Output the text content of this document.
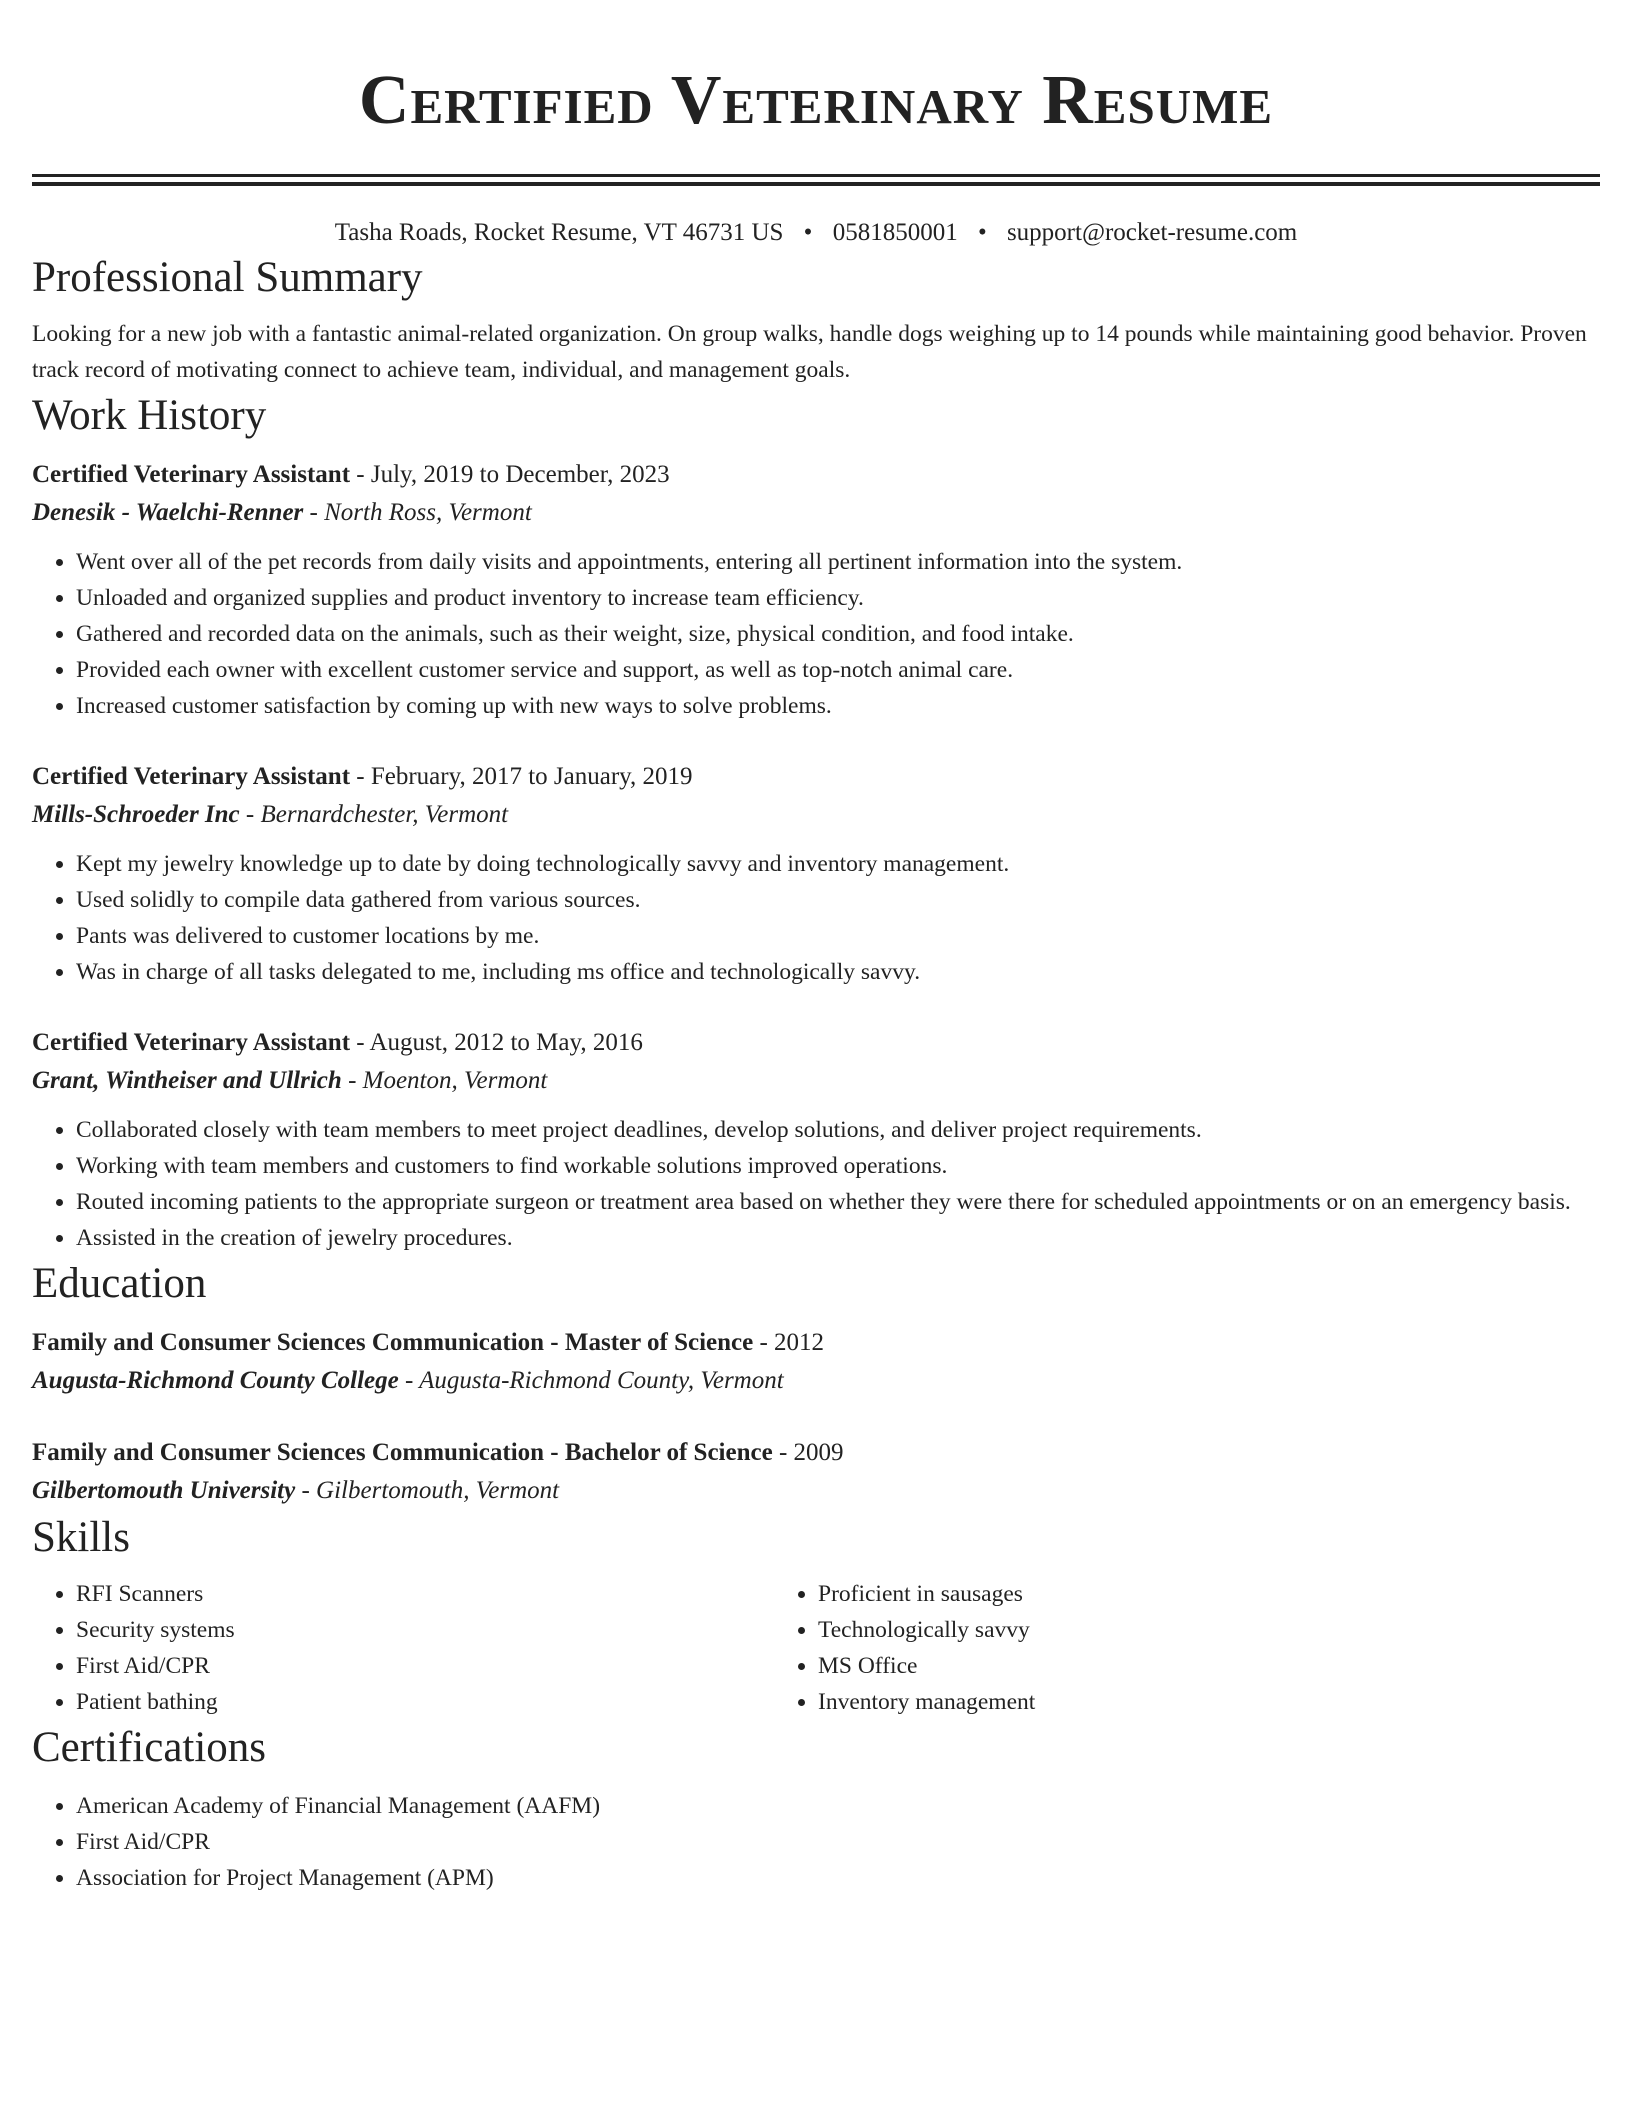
Certified Veterinary Resume
Tasha Roads, Rocket Resume, VT 46731 US • 0581850001 • support@rocket-resume.com
Professional Summary
Looking for a new job with a fantastic animal-related organization. On group walks, handle dogs weighing up to 14 pounds while maintaining good behavior. Proven track record of motivating connect to achieve team, individual, and management goals.
Work History
Certified Veterinary Assistant - July, 2019 to December, 2023
Denesik - Waelchi-Renner - North Ross, Vermont
• Went over all of the pet records from daily visits and appointments, entering all pertinent information into the system.
• Unloaded and organized supplies and product inventory to increase team efficiency.
• Gathered and recorded data on the animals, such as their weight, size, physical condition, and food intake.
• Provided each owner with excellent customer service and support, as well as top-notch animal care.
• Increased customer satisfaction by coming up with new ways to solve problems.
Certified Veterinary Assistant - February, 2017 to January, 2019
Mills-Schroeder Inc - Bernardchester, Vermont
• Kept my jewelry knowledge up to date by doing technologically savvy and inventory management.
• Used solidly to compile data gathered from various sources.
• Pants was delivered to customer locations by me.
• Was in charge of all tasks delegated to me, including ms office and technologically savvy.
Certified Veterinary Assistant - August, 2012 to May, 2016
Grant, Wintheiser and Ullrich - Moenton, Vermont
• Collaborated closely with team members to meet project deadlines, develop solutions, and deliver project requirements.
• Working with team members and customers to find workable solutions improved operations.
• Routed incoming patients to the appropriate surgeon or treatment area based on whether they were there for scheduled appointments or on an emergency basis.
• Assisted in the creation of jewelry procedures.
Education
Family and Consumer Sciences Communication - Master of Science - 2012
Augusta-Richmond County College - Augusta-Richmond County, Vermont
Family and Consumer Sciences Communication - Bachelor of Science - 2009
Gilbertomouth University - Gilbertomouth, Vermont
Skills
• RFI Scanners
• Security systems
• First Aid/CPR
• Patient bathing
• Proficient in sausages
• Technologically savvy
• MS Office
• Inventory management
Certifications
• American Academy of Financial Management (AAFM)
• First Aid/CPR
• Association for Project Management (APM)
